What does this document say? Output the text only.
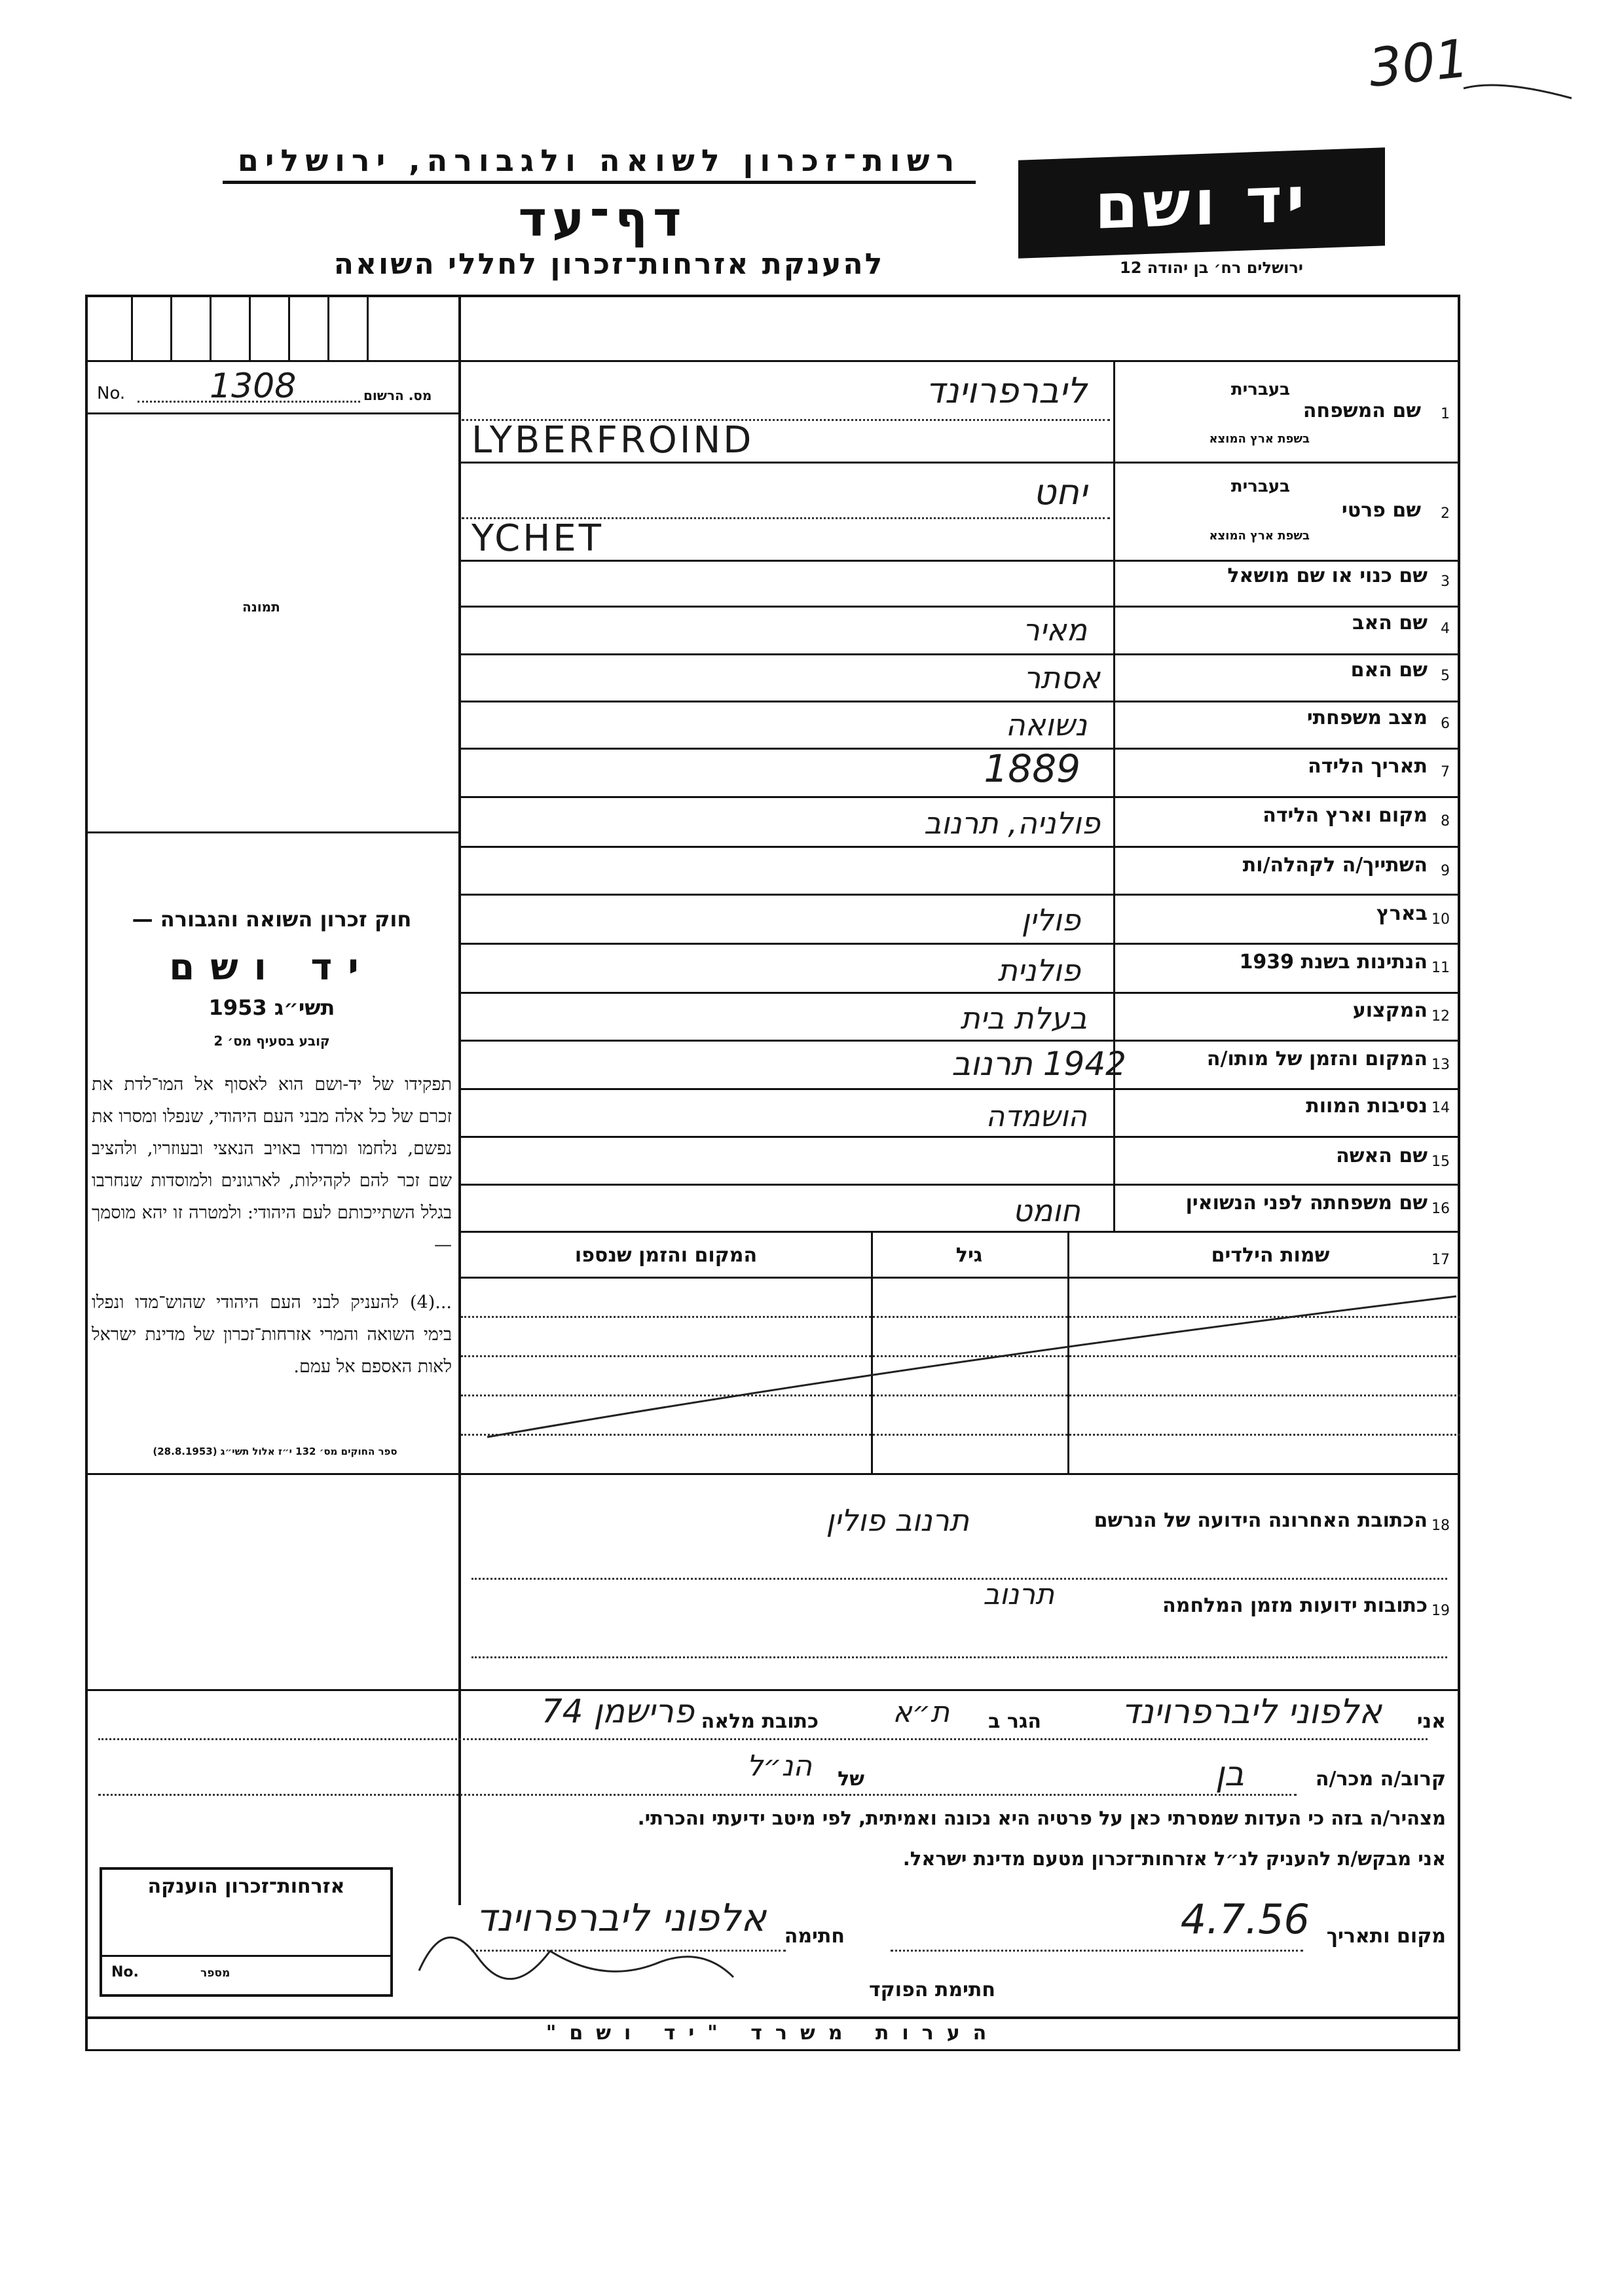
301
רשות־זכרון לשואה ולגבורה, ירושלים
דף־עד
להענקת אזרחות־זכרון לחללי השואה
יד ושם
ירושלים רח׳ בן יהודה 12
No. 1308	מס. הרשום
תמונה
חוק זכרון השואה והגבורה —
יד ושם
תשי״ג 1953
קובע בסעיף מס׳ 2
תפקידו של יד-ושם הוא לאסוף אל המו־לדת את זכרם של כל אלה מבני העם היהודי, שנפלו ומסרו את נפשם, נלחמו ומרדו באויב הנאצי ובעוזריו, ולהציב שם זכר להם לקהילות, לארגונים ולמוסדות שנחרבו בגלל השתייכותם לעם היהודי: ולמטרה זו יהא מוסמך —
...(4) להעניק לבני העם היהודי שהוש־מדו ונפלו בימי השואה והמרי אזרחות־זכרון של מדינת ישראל לאות האספם אל עמם.
ספר החוקים מס׳ 132 י״ז אלול תשי״ג (28.8.1953)
1
שם המשפחה
בעברית
בשפת ארץ המוצא
ליברפרוינד
LYBERFROIND
2
שם פרטי
בעברית
בשפת ארץ המוצא
יחט
YCHET
3
שם כנוי או שם מושאל
4
שם האב
מאיר
5
שם האם
אסתר
6
מצב משפחתי
נשואה
7
תאריך הלידה
1889
8
מקום וארץ הלידה
פולניה, תרנוב
9
השתייך/ה לקהלה/ות
10
בארץ
פולין
11
הנתינות בשנת 1939
פולנית
12
המקצוע
בעלת בית
13
המקום והזמן של מותו/ה
1942 תרנוב
14
נסיבות המוות
הושמדה
15
שם האשה
16
שם משפחתה לפני הנשואין
חומט
17
שמות הילדים
גיל
המקום והזמן שנספו
18
הכתובת האחרונה הידועה של הנרשם
תרנוב פולין
19
כתובות ידועות מזמן המלחמה
תרנוב
אני
אלפוני ליברפרוינד
הגר ב
ת״א
כתובת מלאה
פרישמן 74
קרוב/ה מכר/ה
בן
של
הנ״ל
מצהיר/ה בזה כי העדות שמסרתי כאן על פרטיה היא נכונה ואמיתית, לפי מיטב ידיעתי והכרתי.
אני מבקש/ת להעניק לנ״ל אזרחות־זכרון מטעם מדינת ישראל.
מקום ותאריך
4.7.56
חתימה
אלפוני ליברפרוינד
חתימת הפוקד
אזרחות־זכרון הוענקה
מספר
No.
הערות משרד "יד ושם"
